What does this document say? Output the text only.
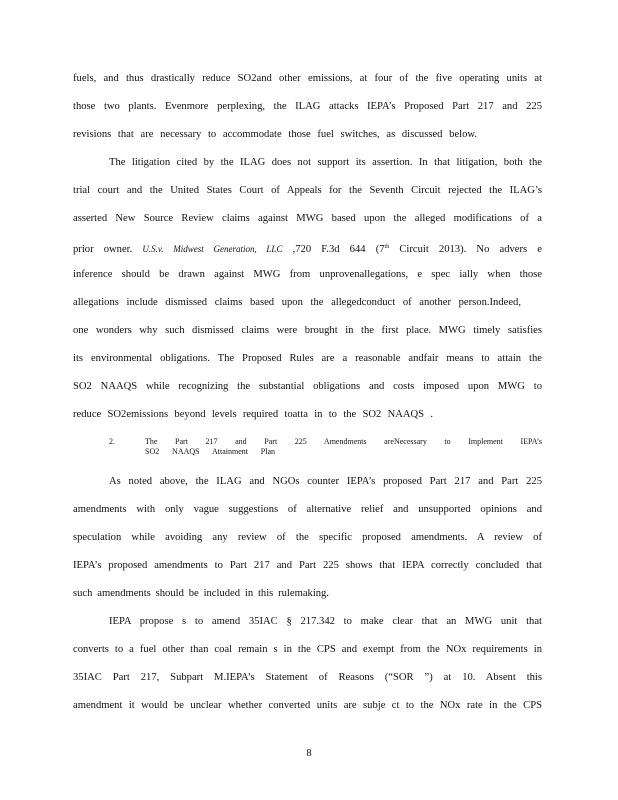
fuels, and thus drastically reduce SO2and other emissions, at four of the five operating units at
those two plants. Evenmore perplexing, the ILAG attacks IEPA’s Proposed Part 217 and 225
revisions that are necessary to accommodate those fuel switches, as discussed below.
The litigation cited by the ILAG does not support its assertion. In that litigation, both the
trial court and the United States Court of Appeals for the Seventh Circuit rejected the ILAG’s
asserted New Source Review claims against MWG based upon the alleged modifications of a
prior owner. U.S.v. Midwest Generation, LLC ,720 F.3d 644 (7th Circuit 2013). No advers e
inference should be drawn against MWG from unprovenallegations, e spec ially when those
allegations include dismissed claims based upon the allegedconduct of another person.Indeed,
one wonders why such dismissed claims were brought in the first place. MWG timely satisfies
its environmental obligations. The Proposed Rules are a reasonable andfair means to attain the
SO2 NAAQS while recognizing the substantial obligations and costs imposed upon MWG to
reduce SO2emissions beyond levels required toatta in to the SO2 NAAQS .
2.	The Part 217 and Part 225 Amendments areNecessary to Implement IEPA’s
SO2 NAAQS Attainment Plan
As noted above, the ILAG and NGOs counter IEPA’s proposed Part 217 and Part 225
amendments with only vague suggestions of alternative relief and unsupported opinions and
speculation while avoiding any review of the specific proposed amendments. A review of
IEPA’s proposed amendments to Part 217 and Part 225 shows that IEPA correctly concluded that
such amendments should be included in this rulemaking.
IEPA propose s to amend 35IAC § 217.342 to make clear that an MWG unit that
converts to a fuel other than coal remain s in the CPS and exempt from the NOx requirements in
35IAC Part 217, Subpart M.IEPA’s Statement of Reasons (“SOR ”) at 10. Absent this
amendment it would be unclear whether converted units are subje ct to the NOx rate in the CPS
8
